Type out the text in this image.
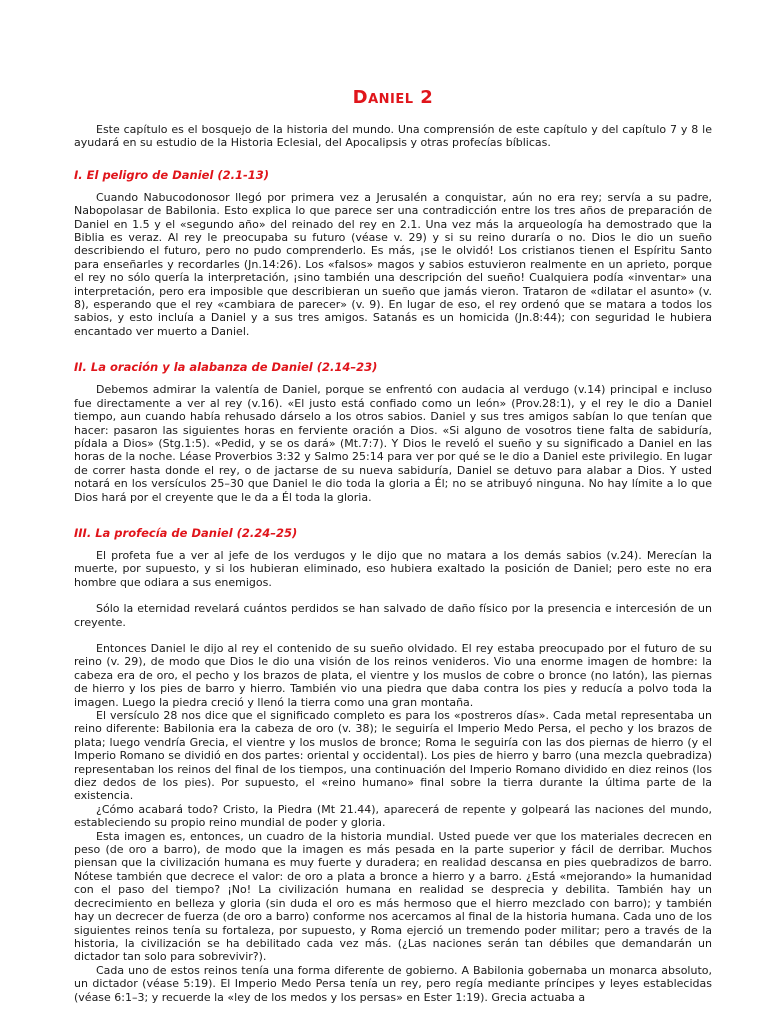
Daniel 2

Este capítulo es el bosquejo de la historia del mundo. Una comprensión de este capítulo y del capítulo 7 y 8 le ayudará en su estudio de la Historia Eclesial, del Apocalipsis y otras profecías bíblicas.

I. El peligro de Daniel (2.1-13)

Cuando Nabucodonosor llegó por primera vez a Jerusalén a conquistar, aún no era rey; servía a su padre, Nabopolasar de Babilonia. Esto explica lo que parece ser una contradicción entre los tres años de preparación de Daniel en 1.5 y el «segundo año» del reinado del rey en 2.1. Una vez más la arqueología ha demostrado que la Biblia es veraz. Al rey le preocupaba su futuro (véase v. 29) y si su reino duraría o no. Dios le dio un sueño describiendo el futuro, pero no pudo comprenderlo. Es más, ¡se le olvidó! Los cristianos tienen el Espíritu Santo para enseñarles y recordarles (Jn.14:26). Los «falsos» magos y sabios estuvieron realmente en un aprieto, porque el rey no sólo quería la interpretación, ¡sino también una descripción del sueño! Cualquiera podía «inventar» una interpretación, pero era imposible que describieran un sueño que jamás vieron. Trataron de «dilatar el asunto» (v. 8), esperando que el rey «cambiara de parecer» (v. 9). En lugar de eso, el rey ordenó que se matara a todos los sabios, y esto incluía a Daniel y a sus tres amigos. Satanás es un homicida (Jn.8:44); con seguridad le hubiera encantado ver muerto a Daniel.

II. La oración y la alabanza de Daniel (2.14–23)

Debemos admirar la valentía de Daniel, porque se enfrentó con audacia al verdugo (v.14) principal e incluso fue directamente a ver al rey (v.16). «El justo está confiado como un león» (Prov.28:1), y el rey le dio a Daniel tiempo, aun cuando había rehusado dárselo a los otros sabios. Daniel y sus tres amigos sabían lo que tenían que hacer: pasaron las siguientes horas en ferviente oración a Dios. «Si alguno de vosotros tiene falta de sabiduría, pídala a Dios» (Stg.1:5). «Pedid, y se os dará» (Mt.7:7). Y Dios le reveló el sueño y su significado a Daniel en las horas de la noche. Léase Proverbios 3:32 y Salmo 25:14 para ver por qué se le dio a Daniel este privilegio. En lugar de correr hasta donde el rey, o de jactarse de su nueva sabiduría, Daniel se detuvo para alabar a Dios. Y usted notará en los versículos 25–30 que Daniel le dio toda la gloria a Él; no se atribuyó ninguna. No hay límite a lo que Dios hará por el creyente que le da a Él toda la gloria.

III. La profecía de Daniel (2.24–25)

El profeta fue a ver al jefe de los verdugos y le dijo que no matara a los demás sabios (v.24). Merecían la muerte, por supuesto, y si los hubieran eliminado, eso hubiera exaltado la posición de Daniel; pero este no era hombre que odiara a sus enemigos.

Sólo la eternidad revelará cuántos perdidos se han salvado de daño físico por la presencia e intercesión de un creyente.

Entonces Daniel le dijo al rey el contenido de su sueño olvidado. El rey estaba preocupado por el futuro de su reino (v. 29), de modo que Dios le dio una visión de los reinos venideros. Vio una enorme imagen de hombre: la cabeza era de oro, el pecho y los brazos de plata, el vientre y los muslos de cobre o bronce (no latón), las piernas de hierro y los pies de barro y hierro. También vio una piedra que daba contra los pies y reducía a polvo toda la imagen. Luego la piedra creció y llenó la tierra como una gran montaña.

El versículo 28 nos dice que el significado completo es para los «postreros días». Cada metal representaba un reino diferente: Babilonia era la cabeza de oro (v. 38); le seguiría el Imperio Medo Persa, el pecho y los brazos de plata; luego vendría Grecia, el vientre y los muslos de bronce; Roma le seguiría con las dos piernas de hierro (y el Imperio Romano se dividió en dos partes: oriental y occidental). Los pies de hierro y barro (una mezcla quebradiza) representaban los reinos del final de los tiempos, una continuación del Imperio Romano dividido en diez reinos (los diez dedos de los pies). Por supuesto, el «reino humano» final sobre la tierra durante la última parte de la existencia.

¿Cómo acabará todo? Cristo, la Piedra (Mt 21.44), aparecerá de repente y golpeará las naciones del mundo, estableciendo su propio reino mundial de poder y gloria.

Esta imagen es, entonces, un cuadro de la historia mundial. Usted puede ver que los materiales decrecen en peso (de oro a barro), de modo que la imagen es más pesada en la parte superior y fácil de derribar. Muchos piensan que la civilización humana es muy fuerte y duradera; en realidad descansa en pies quebradizos de barro. Nótese también que decrece el valor: de oro a plata a bronce a hierro y a barro. ¿Está «mejorando» la humanidad con el paso del tiempo? ¡No! La civilización humana en realidad se desprecia y debilita. También hay un decrecimiento en belleza y gloria (sin duda el oro es más hermoso que el hierro mezclado con barro); y también hay un decrecer de fuerza (de oro a barro) conforme nos acercamos al final de la historia humana. Cada uno de los siguientes reinos tenía su fortaleza, por supuesto, y Roma ejerció un tremendo poder militar; pero a través de la historia, la civilización se ha debilitado cada vez más. (¿Las naciones serán tan débiles que demandarán un dictador tan solo para sobrevivir?).

Cada uno de estos reinos tenía una forma diferente de gobierno. A Babilonia gobernaba un monarca absoluto, un dictador (véase 5:19). El Imperio Medo Persa tenía un rey, pero regía mediante príncipes y leyes establecidas (véase 6:1–3; y recuerde la «ley de los medos y los persas» en Ester 1:19). Grecia actuaba a
